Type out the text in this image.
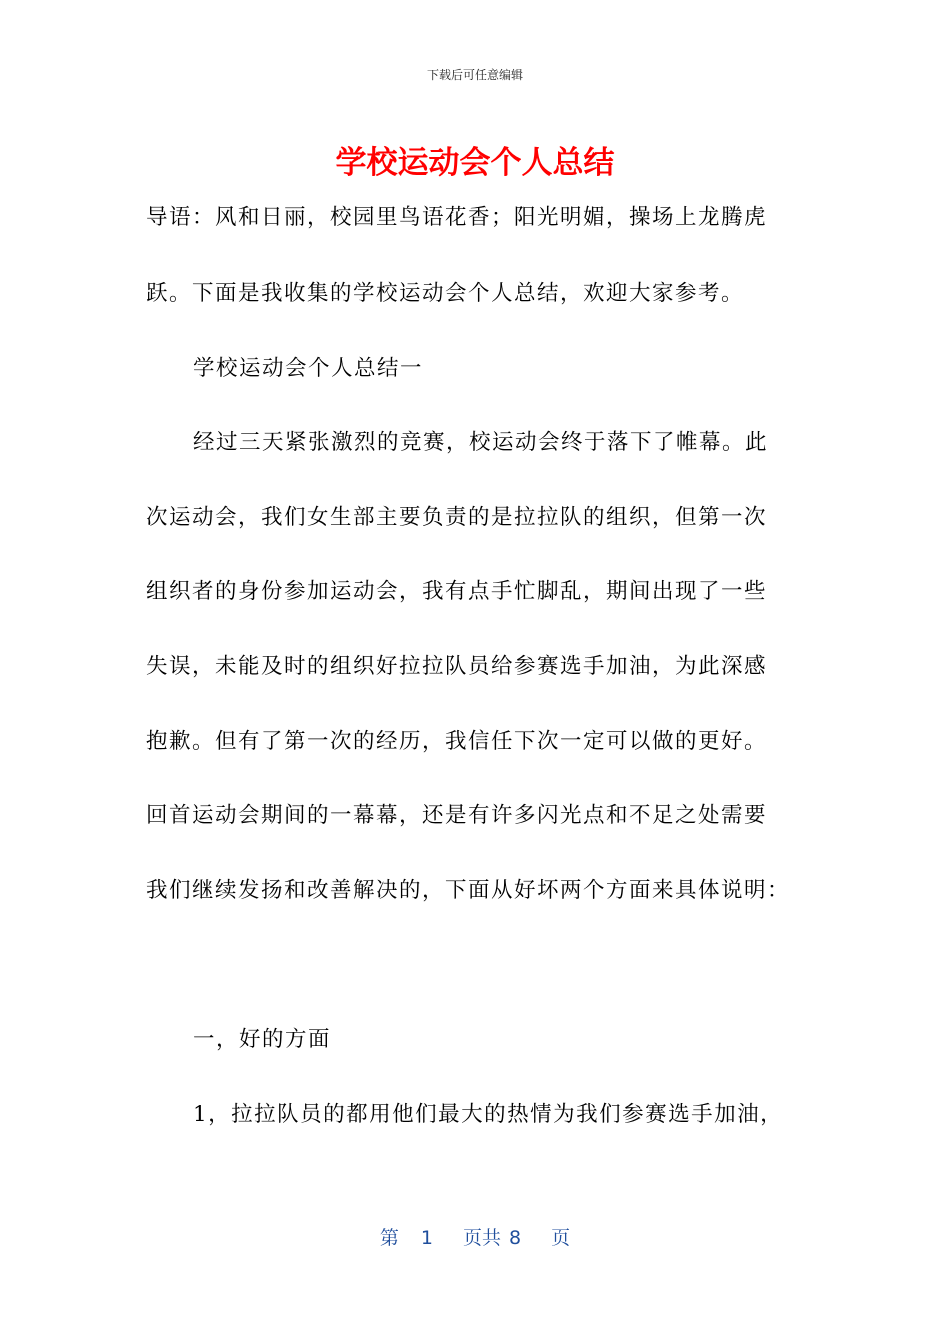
下载后可任意编辑
学校运动会个人总结
导语：风和日丽，校园里鸟语花香；阳光明媚，操场上龙腾虎
跃。下面是我收集的学校运动会个人总结，欢迎大家参考。
学校运动会个人总结一
经过三天紧张激烈的竞赛，校运动会终于落下了帷幕。此
次运动会，我们女生部主要负责的是拉拉队的组织，但第一次
组织者的身份参加运动会，我有点手忙脚乱，期间出现了一些
失误，未能及时的组织好拉拉队员给参赛选手加油，为此深感
抱歉。但有了第一次的经历，我信任下次一定可以做的更好。
回首运动会期间的一幕幕，还是有许多闪光点和不足之处需要
我们继续发扬和改善解决的，下面从好坏两个方面来具体说明：
一，好的方面
1，拉拉队员的都用他们最大的热情为我们参赛选手加油，
第 1 页共 8 页
